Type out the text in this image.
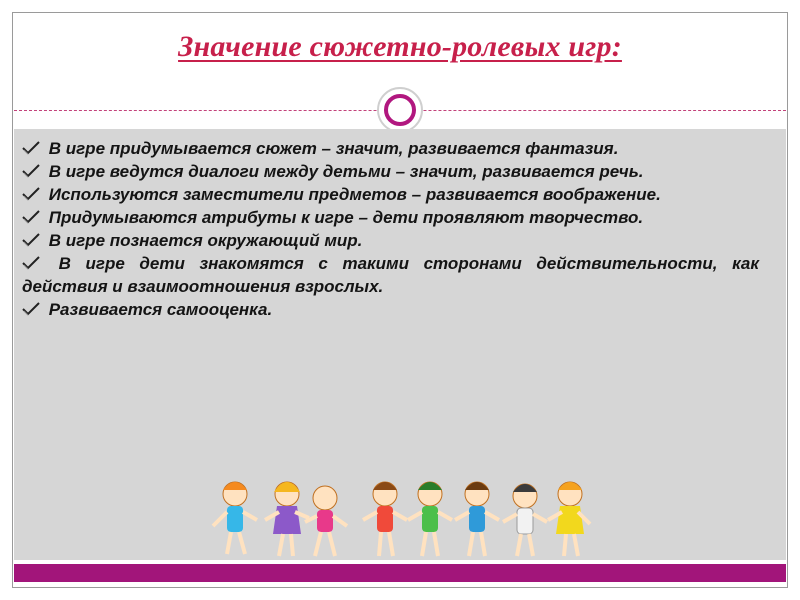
Значение сюжетно-ролевых игр:
В игре придумывается сюжет – значит, развивается фантазия.
В игре ведутся диалоги между детьми – значит, развивается речь.
Используются заместители предметов – развивается воображение.
Придумываются атрибуты к игре – дети проявляют творчество.
В игре познается окружающий мир.
В игре дети знакомятся с такими сторонами действительности, как действия и взаимоотношения взрослых.
Развивается самооценка.
